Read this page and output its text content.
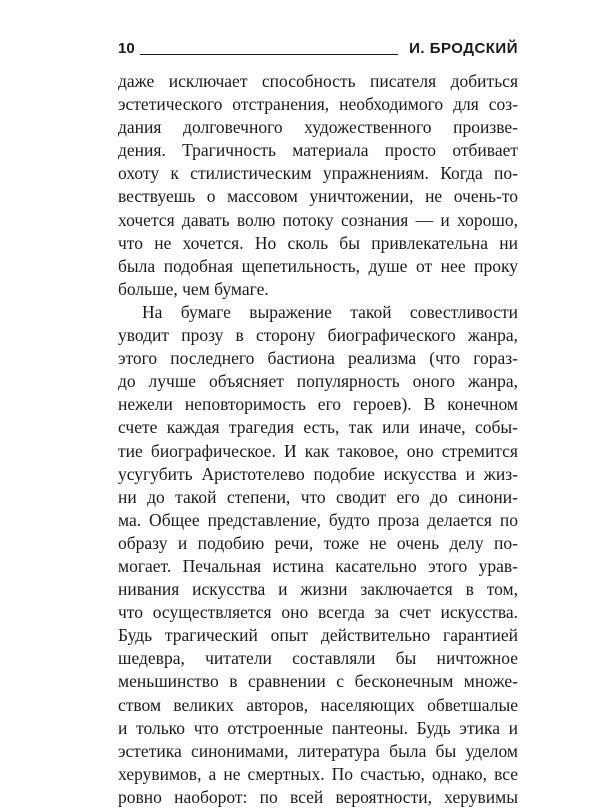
10	И. БРОДСКИЙ
даже исключает способность писателя добиться
эстетического отстранения, необходимого для соз-
дания долговечного художественного произве-
дения. Трагичность материала просто отбивает
охоту к стилистическим упражнениям. Когда по-
вествуешь о массовом уничтожении, не очень-то
хочется давать волю потоку сознания — и хорошо,
что не хочется. Но сколь бы привлекательна ни
была подобная щепетильность, душе от нее проку
больше, чем бумаге.
На бумаге выражение такой совестливости
уводит прозу в сторону биографического жанра,
этого последнего бастиона реализма (что гораз-
до лучше объясняет популярность оного жанра,
нежели неповторимость его героев). В конечном
счете каждая трагедия есть, так или иначе, собы-
тие биографическое. И как таковое, оно стремится
усугубить Аристотелево подобие искусства и жиз-
ни до такой степени, что сводит его до синони-
ма. Общее представление, будто проза делается по
образу и подобию речи, тоже не очень делу по-
могает. Печальная истина касательно этого урав-
нивания искусства и жизни заключается в том,
что осуществляется оно всегда за счет искусства.
Будь трагический опыт действительно гарантией
шедевра, читатели составляли бы ничтожное
меньшинство в сравнении с бесконечным множе-
ством великих авторов, населяющих обветшалые
и только что отстроенные пантеоны. Будь этика и
эстетика синонимами, литература была бы уделом
херувимов, а не смертных. По счастью, однако, все
ровно наоборот: по всей вероятности, херувимы
